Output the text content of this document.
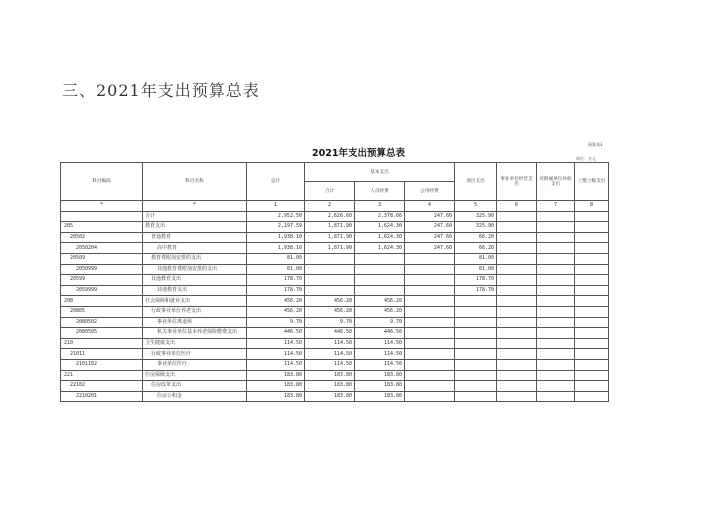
三、2021年支出预算总表
预算表3
2021年支出预算总表	单位：万元
科目编码	科目名称	总计	基本支出			项目支出	事业单位经营支出	对附属单位补助支出	上缴上级支出
			合计	人员经费	公用经费				
*	*	1	2	3	4	5	6	7	8
	合计	2,952.50	2,626.60	2,378.66	247.60	325.90			
205	教育支出	2,197.59	1,871.90	1,624.30	247.60	325.90			
20502	普通教育	1,938.10	1,871.90	1,624.30	247.60	66.20			
2050204	高中教育	1,938.10	1,871.90	1,624.30	247.60	66.20			
20509	教育费附加安排的支出	81.00				81.00			
2050999	其他教育费附加安排的支出	81.00				81.00			
20599	其他教育支出	178.70				178.70			
2059999	其他教育支出	178.70				178.70			
208	社会保障和就业支出	456.20	456.20	456.20					
20805	行政事业单位养老支出	456.20	456.20	456.20					
2080502	事业单位离退休	9.70	9.70	9.70					
2080505	机关事业单位基本养老保险缴费支出	446.50	446.50	446.50					
210	卫生健康支出	114.50	114.50	114.50					
21011	行政事业单位医疗	114.50	114.50	114.50					
2101102	事业单位医疗	114.50	114.50	114.50					
221	住房保障支出	183.80	183.80	183.80					
22102	住房改革支出	183.80	183.80	183.80					
2210201	住房公积金	183.80	183.80	183.80					
